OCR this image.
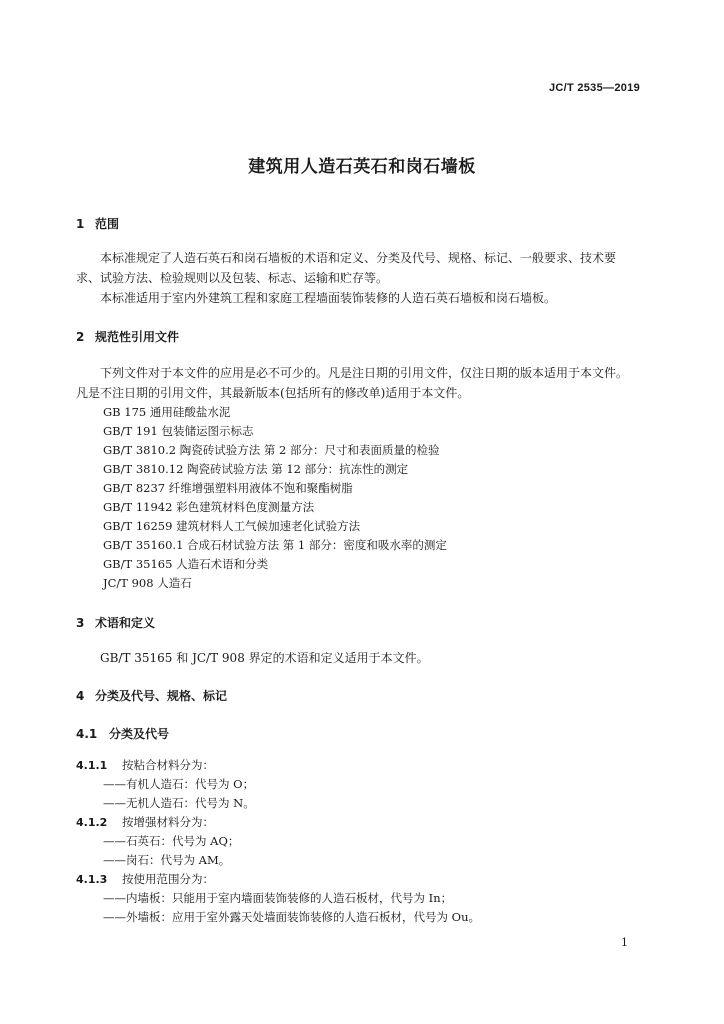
JC/T 2535—2019
建筑用人造石英石和岗石墙板
1 范围
本标准规定了人造石英石和岗石墙板的术语和定义、分类及代号、规格、标记、一般要求、技术要
求、试验方法、检验规则以及包装、标志、运输和贮存等。
本标准适用于室内外建筑工程和家庭工程墙面装饰装修的人造石英石墙板和岗石墙板。
2 规范性引用文件
下列文件对于本文件的应用是必不可少的。凡是注日期的引用文件，仅注日期的版本适用于本文件。
凡是不注日期的引用文件，其最新版本(包括所有的修改单)适用于本文件。
GB 175 通用硅酸盐水泥
GB/T 191 包装储运图示标志
GB/T 3810.2 陶瓷砖试验方法 第 2 部分：尺寸和表面质量的检验
GB/T 3810.12 陶瓷砖试验方法 第 12 部分：抗冻性的测定
GB/T 8237 纤维增强塑料用液体不饱和聚酯树脂
GB/T 11942 彩色建筑材料色度测量方法
GB/T 16259 建筑材料人工气候加速老化试验方法
GB/T 35160.1 合成石材试验方法 第 1 部分：密度和吸水率的测定
GB/T 35165 人造石术语和分类
JC/T 908 人造石
3 术语和定义
GB/T 35165 和 JC/T 908 界定的术语和定义适用于本文件。
4 分类及代号、规格、标记
4.1 分类及代号
4.1.1 按粘合材料分为：
——有机人造石：代号为 O；
——无机人造石：代号为 N。
4.1.2 按增强材料分为：
——石英石：代号为 AQ；
——岗石：代号为 AM。
4.1.3 按使用范围分为：
——内墙板：只能用于室内墙面装饰装修的人造石板材，代号为 In；
——外墙板：应用于室外露天处墙面装饰装修的人造石板材，代号为 Ou。
1
